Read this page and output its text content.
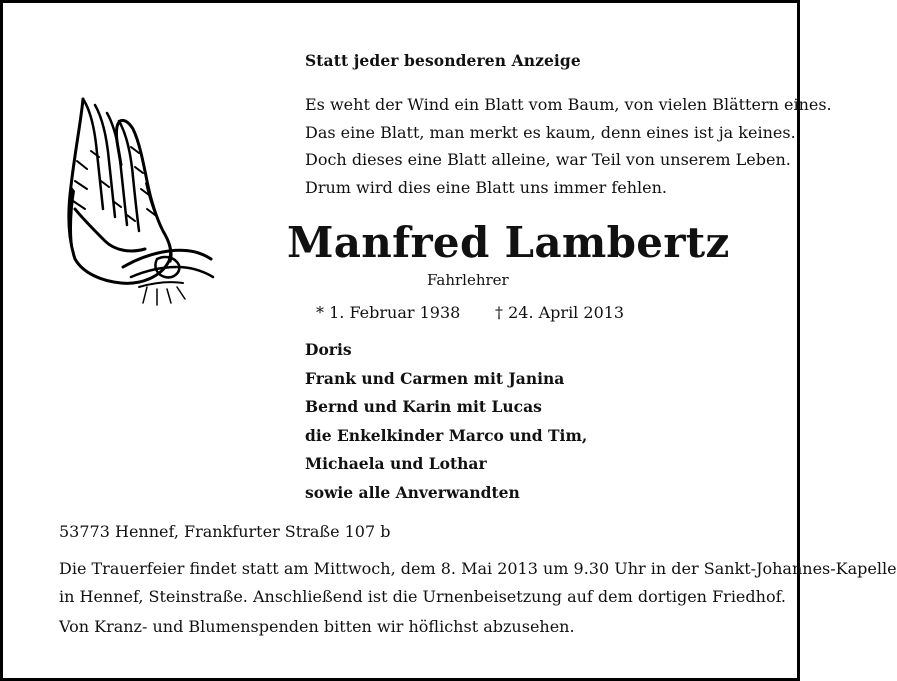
Statt jeder besonderen Anzeige
Es weht der Wind ein Blatt vom Baum, von vielen Blättern eines.
Das eine Blatt, man merkt es kaum, denn eines ist ja keines.
Doch dieses eine Blatt alleine, war Teil von unserem Leben.
Drum wird dies eine Blatt uns immer fehlen.
Manfred Lambertz
Fahrlehrer
* 1. Februar 1938 † 24. April 2013
Doris
Frank und Carmen mit Janina
Bernd und Karin mit Lucas
die Enkelkinder Marco und Tim,
Michaela und Lothar
sowie alle Anverwandten
53773 Hennef, Frankfurter Straße 107 b
Die Trauerfeier findet statt am Mittwoch, dem 8. Mai 2013 um 9.30 Uhr in der Sankt-Johannes-Kapelle
in Hennef, Steinstraße. Anschließend ist die Urnenbeisetzung auf dem dortigen Friedhof.
Von Kranz- und Blumenspenden bitten wir höflichst abzusehen.
